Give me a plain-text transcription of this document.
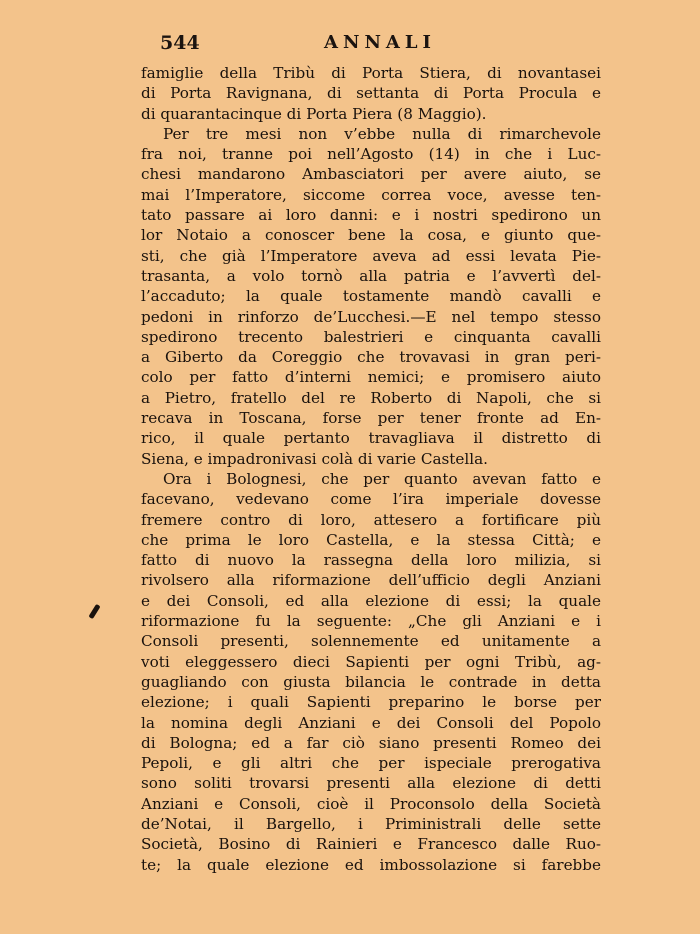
544	ANNALI
famiglie della Tribù di Porta Stiera, di novantasei
di Porta Ravignana, di settanta di Porta Procula e
di quarantacinque di Porta Piera (8 Maggio).
Per tre mesi non v’ebbe nulla di rimarchevole
fra noi, tranne poi nell’Agosto (14) in che i Luc-
chesi mandarono Ambasciatori per avere aiuto, se
mai l’Imperatore, siccome correa voce, avesse ten-
tato passare ai loro danni: e i nostri spedirono un
lor Notaio a conoscer bene la cosa, e giunto que-
sti, che già l’Imperatore aveva ad essi levata Pie-
trasanta, a volo tornò alla patria e l’avvertì del-
l’accaduto; la quale tostamente mandò cavalli e
pedoni in rinforzo de’Lucchesi.—E nel tempo stesso
spedirono trecento balestrieri e cinquanta cavalli
a Giberto da Coreggio che trovavasi in gran peri-
colo per fatto d’interni nemici; e promisero aiuto
a Pietro, fratello del re Roberto di Napoli, che si
recava in Toscana, forse per tener fronte ad En-
rico, il quale pertanto travagliava il distretto di
Siena, e impadronivasi colà di varie Castella.
Ora i Bolognesi, che per quanto avevan fatto e
facevano, vedevano come l’ira imperiale dovesse
fremere contro di loro, attesero a fortificare più
che prima le loro Castella, e la stessa Città; e
fatto di nuovo la rassegna della loro milizia, si
rivolsero alla riformazione dell’ufficio degli Anziani
e dei Consoli, ed alla elezione di essi; la quale
riformazione fu la seguente: „Che gli Anziani e i
Consoli presenti, solennemente ed unitamente a
voti eleggessero dieci Sapienti per ogni Tribù, ag-
guagliando con giusta bilancia le contrade in detta
elezione; i quali Sapienti preparino le borse per
la nomina degli Anziani e dei Consoli del Popolo
di Bologna; ed a far ciò siano presenti Romeo dei
Pepoli, e gli altri che per ispeciale prerogativa
sono soliti trovarsi presenti alla elezione di detti
Anziani e Consoli, cioè il Proconsolo della Società
de’Notai, il Bargello, i Priministrali delle sette
Società, Bosino di Rainieri e Francesco dalle Ruo-
te; la quale elezione ed imbossolazione si farebbe
